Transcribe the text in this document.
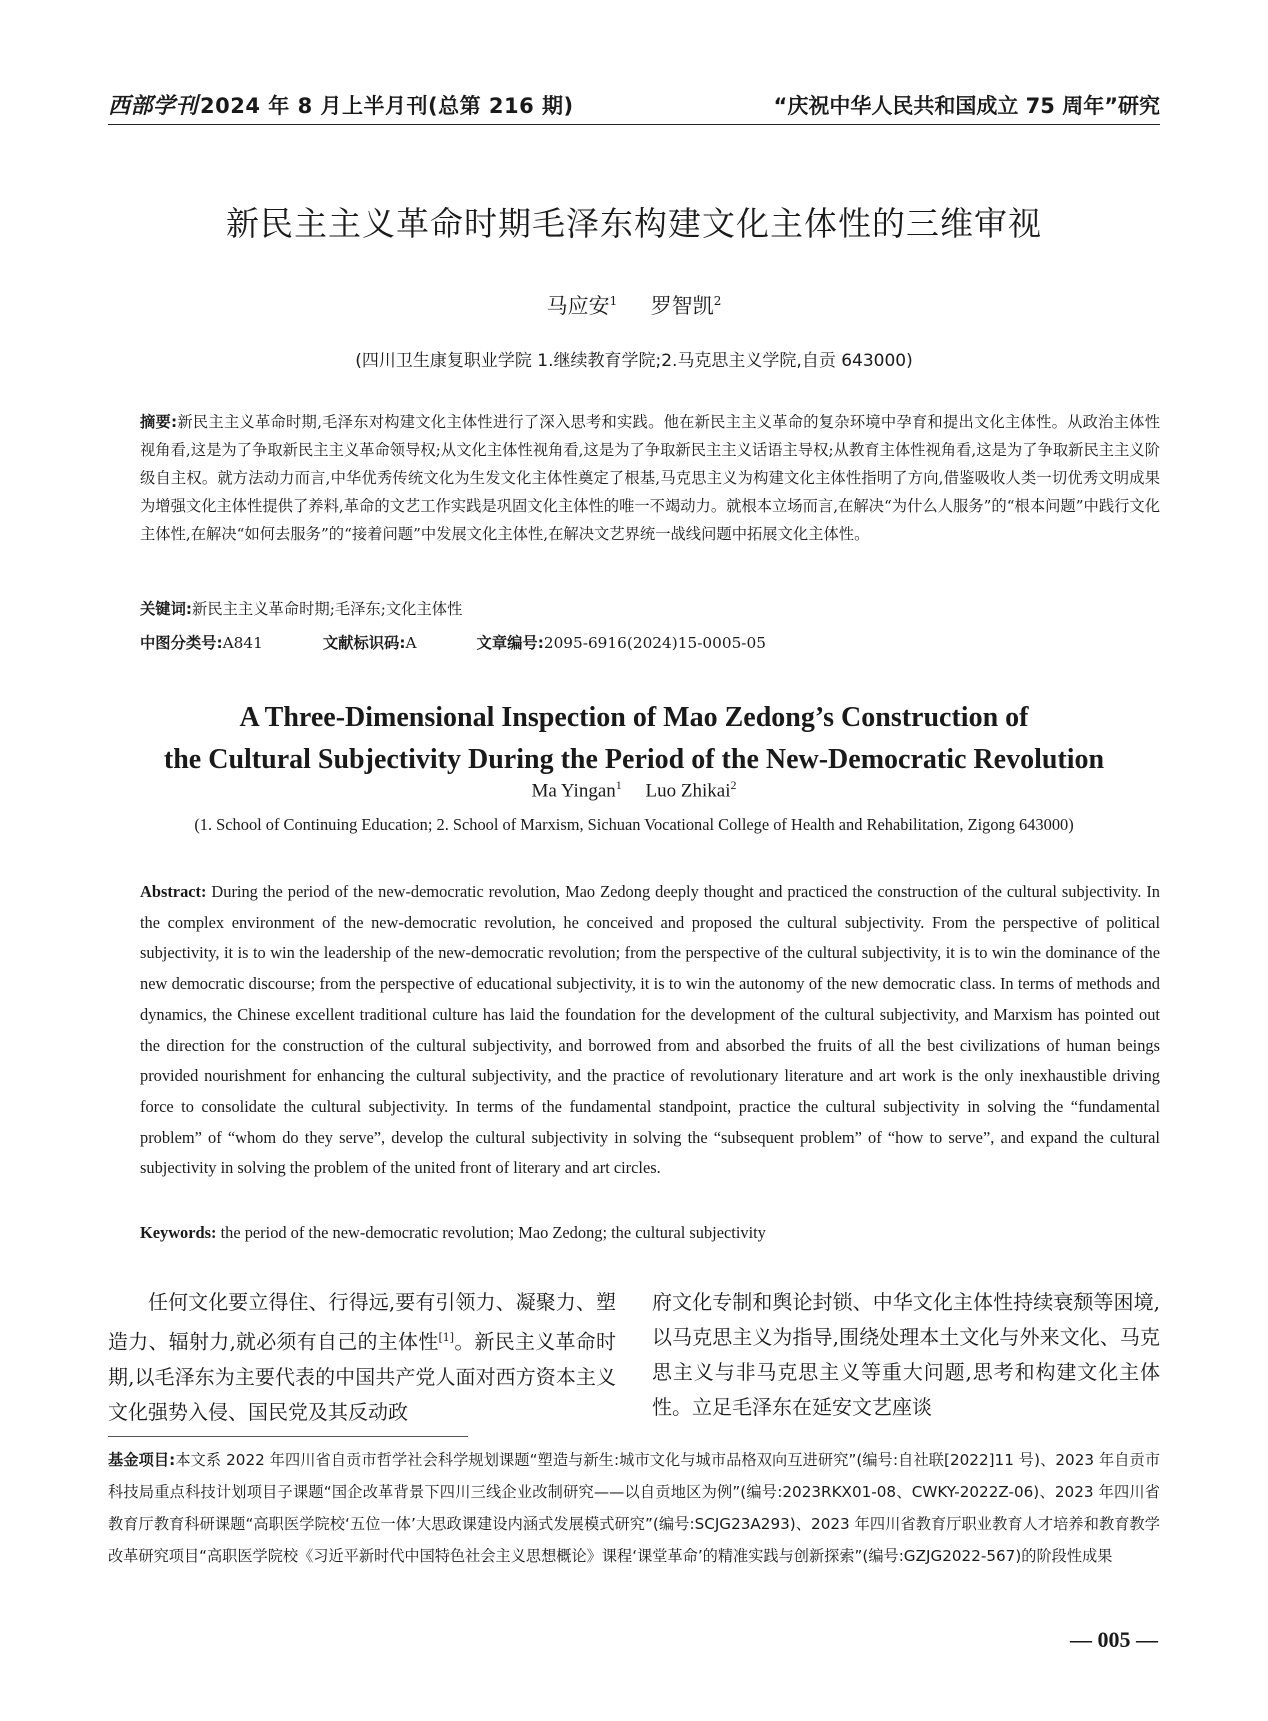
西部学刊 2024 年 8 月上半月刊(总第 216 期)	“庆祝中华人民共和国成立 75 周年”研究
新民主主义革命时期毛泽东构建文化主体性的三维审视
马应安$^1$ 罗智凯$^2$
(四川卫生康复职业学院 1.继续教育学院;2.马克思主义学院,自贡 643000)
摘要:新民主主义革命时期,毛泽东对构建文化主体性进行了深入思考和实践。他在新民主主义革命的复杂环境中孕育和提出文化主体性。从政治主体性视角看,这是为了争取新民主主义革命领导权;从文化主体性视角看,这是为了争取新民主主义话语主导权;从教育主体性视角看,这是为了争取新民主主义阶级自主权。就方法动力而言,中华优秀传统文化为生发文化主体性奠定了根基,马克思主义为构建文化主体性指明了方向,借鉴吸收人类一切优秀文明成果为增强文化主体性提供了养料,革命的文艺工作实践是巩固文化主体性的唯一不竭动力。就根本立场而言,在解决“为什么人服务”的“根本问题”中践行文化主体性,在解决“如何去服务”的“接着问题”中发展文化主体性,在解决文艺界统一战线问题中拓展文化主体性。
关键词:新民主主义革命时期;毛泽东;文化主体性
中图分类号:A841	文献标识码:A	文章编号:2095-6916(2024)15-0005-05
A Three-Dimensional Inspection of Mao Zedong’s Construction of
the Cultural Subjectivity During the Period of the New-Democratic Revolution
Ma Yingan$^1$ Luo Zhikai$^2$
(1. School of Continuing Education; 2. School of Marxism, Sichuan Vocational College of Health and Rehabilitation, Zigong 643000)
Abstract: During the period of the new-democratic revolution, Mao Zedong deeply thought and practiced the construction of the cultural subjectivity. In the complex environment of the new-democratic revolution, he conceived and proposed the cultural subjectivity. From the perspective of political subjectivity, it is to win the leadership of the new-democratic revolution; from the perspective of the cultural subjectivity, it is to win the dominance of the new democratic discourse; from the perspective of educational subjectivity, it is to win the autonomy of the new democratic class. In terms of methods and dynamics, the Chinese excellent traditional culture has laid the foundation for the development of the cultural subjectivity, and Marxism has pointed out the direction for the construction of the cultural subjectivity, and borrowed from and absorbed the fruits of all the best civilizations of human beings provided nourishment for enhancing the cultural subjectivity, and the practice of revolutionary literature and art work is the only inexhaustible driving force to consolidate the cultural subjectivity. In terms of the fundamental standpoint, practice the cultural subjectivity in solving the “fundamental problem” of “whom do they serve”, develop the cultural subjectivity in solving the “subsequent problem” of “how to serve”, and expand the cultural subjectivity in solving the problem of the united front of literary and art circles.
Keywords: the period of the new-democratic revolution; Mao Zedong; the cultural subjectivity

任何文化要立得住、行得远,要有引领力、凝聚力、塑造力、辐射力,就必须有自己的主体性[1]。新民主义革命时期,以毛泽东为主要代表的中国共产党人面对西方资本主义文化强势入侵、国民党及其反动政

府文化专制和舆论封锁、中华文化主体性持续衰颓等困境,以马克思主义为指导,围绕处理本土文化与外来文化、马克思主义与非马克思主义等重大问题,思考和构建文化主体性。立足毛泽东在延安文艺座谈

基金项目:本文系 2022 年四川省自贡市哲学社会科学规划课题“塑造与新生:城市文化与城市品格双向互进研究”(编号:自社联[2022]11 号)、2023 年自贡市科技局重点科技计划项目子课题“国企改革背景下四川三线企业改制研究——以自贡地区为例”(编号:2023RKX01-08、CWKY-2022Z-06)、2023 年四川省教育厅教育科研课题“高职医学院校‘五位一体’大思政课建设内涵式发展模式研究”(编号:SCJG23A293)、2023 年四川省教育厅职业教育人才培养和教育教学改革研究项目“高职医学院校《习近平新时代中国特色社会主义思想概论》课程‘课堂革命’的精准实践与创新探索”(编号:GZJG2022-567)的阶段性成果
— 005 —
